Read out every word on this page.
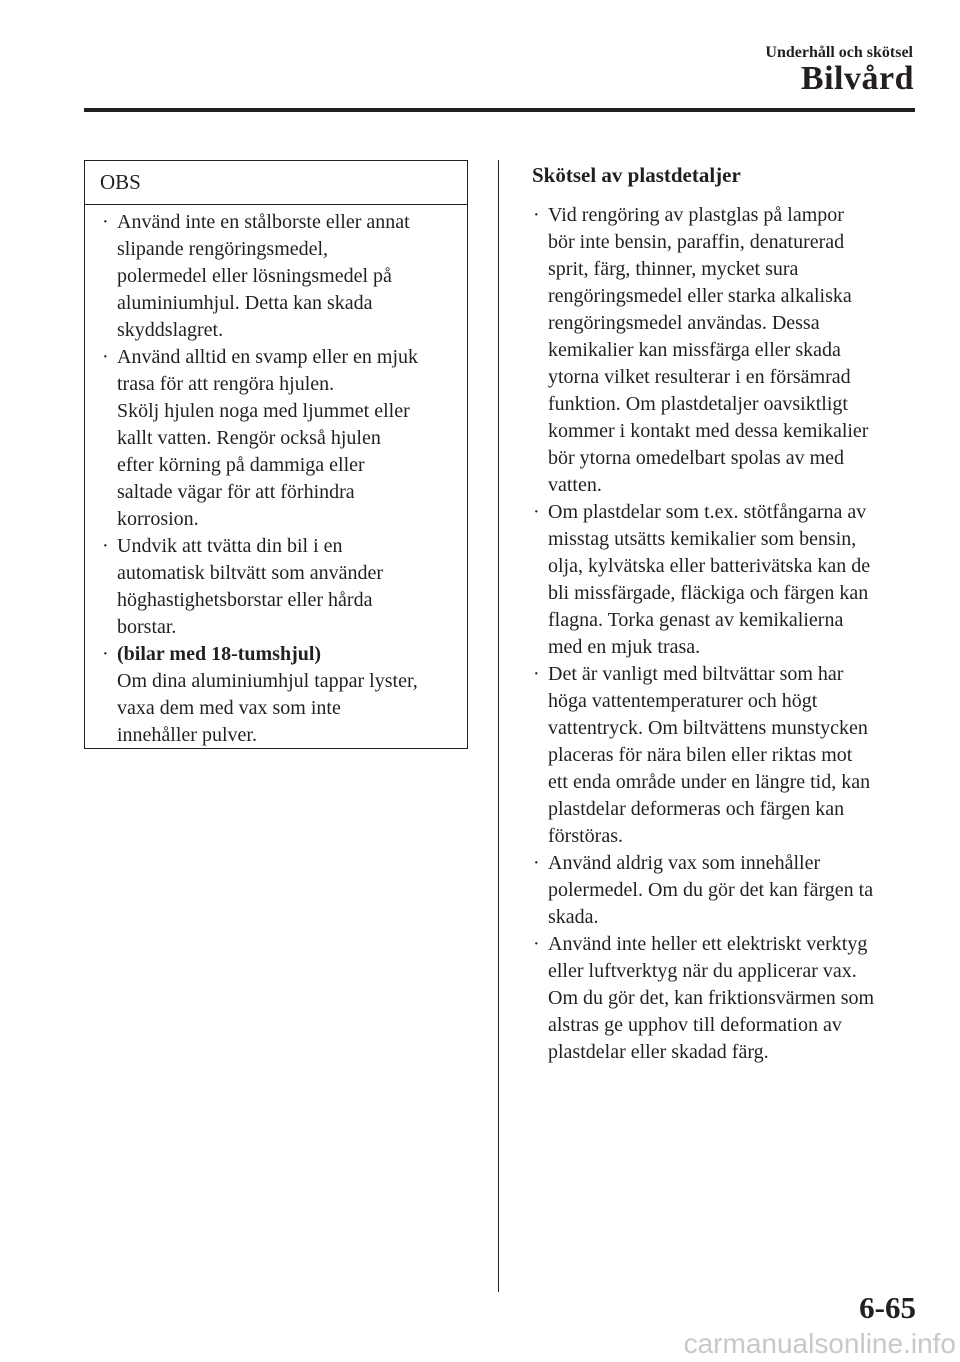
Underhåll och skötsel
Bilvård
OBS
· Använd inte en stålborste eller annat
slipande rengöringsmedel,
polermedel eller lösningsmedel på
aluminiumhjul. Detta kan skada
skyddslagret.
· Använd alltid en svamp eller en mjuk
trasa för att rengöra hjulen.
Skölj hjulen noga med ljummet eller
kallt vatten. Rengör också hjulen
efter körning på dammiga eller
saltade vägar för att förhindra
korrosion.
· Undvik att tvätta din bil i en
automatisk biltvätt som använder
höghastighetsborstar eller hårda
borstar.
· (bilar med 18-tumshjul)
Om dina aluminiumhjul tappar lyster,
vaxa dem med vax som inte
innehåller pulver.
Skötsel av plastdetaljer
· Vid rengöring av plastglas på lampor
bör inte bensin, paraffin, denaturerad
sprit, färg, thinner, mycket sura
rengöringsmedel eller starka alkaliska
rengöringsmedel användas. Dessa
kemikalier kan missfärga eller skada
ytorna vilket resulterar i en försämrad
funktion. Om plastdetaljer oavsiktligt
kommer i kontakt med dessa kemikalier
bör ytorna omedelbart spolas av med
vatten.
· Om plastdelar som t.ex. stötfångarna av
misstag utsätts kemikalier som bensin,
olja, kylvätska eller batterivätska kan de
bli missfärgade, fläckiga och färgen kan
flagna. Torka genast av kemikalierna
med en mjuk trasa.
· Det är vanligt med biltvättar som har
höga vattentemperaturer och högt
vattentryck. Om biltvättens munstycken
placeras för nära bilen eller riktas mot
ett enda område under en längre tid, kan
plastdelar deformeras och färgen kan
förstöras.
· Använd aldrig vax som innehåller
polermedel. Om du gör det kan färgen ta
skada.
· Använd inte heller ett elektriskt verktyg
eller luftverktyg när du applicerar vax.
Om du gör det, kan friktionsvärmen som
alstras ge upphov till deformation av
plastdelar eller skadad färg.
6-65
carmanualsonline.info
